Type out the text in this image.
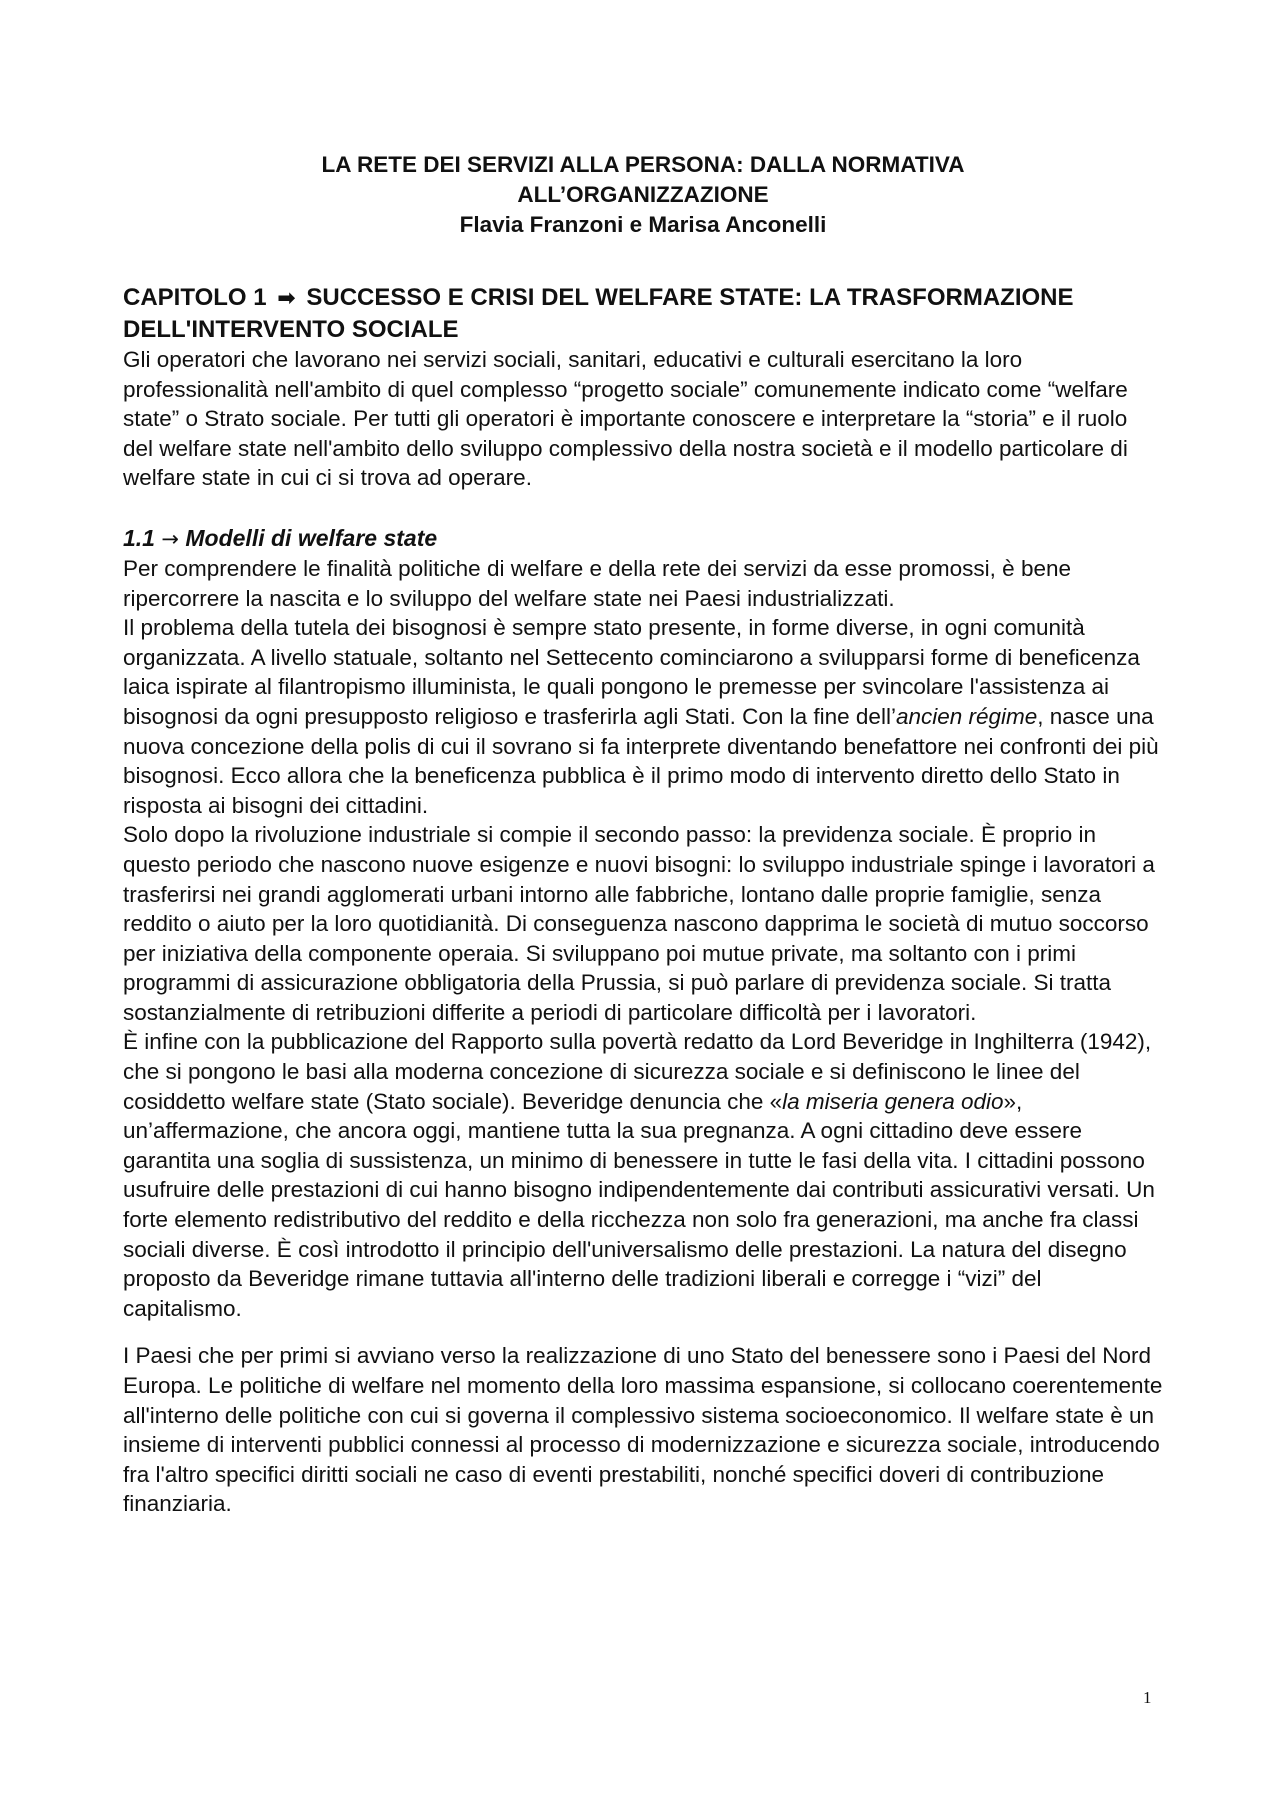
LA RETE DEI SERVIZI ALLA PERSONA: DALLA NORMATIVA
ALL’ORGANIZZAZIONE
Flavia Franzoni e Marisa Anconelli
CAPITOLO 1 ➡ SUCCESSO E CRISI DEL WELFARE STATE: LA TRASFORMAZIONE
DELL'INTERVENTO SOCIALE

Gli operatori che lavorano nei servizi sociali, sanitari, educativi e culturali esercitano la loro professionalità nell'ambito di quel complesso “progetto sociale” comunemente indicato come “welfare state” o Strato sociale. Per tutti gli operatori è importante conoscere e interpretare la “storia” e il ruolo del welfare state nell'ambito dello sviluppo complessivo della nostra società e il modello particolare di welfare state in cui ci si trova ad operare.

1.1 → Modelli di welfare state

Per comprendere le finalità politiche di welfare e della rete dei servizi da esse promossi, è bene ripercorrere la nascita e lo sviluppo del welfare state nei Paesi industrializzati.

Il problema della tutela dei bisognosi è sempre stato presente, in forme diverse, in ogni comunità organizzata. A livello statuale, soltanto nel Settecento cominciarono a svilupparsi forme di beneficenza laica ispirate al filantropismo illuminista, le quali pongono le premesse per svincolare l'assistenza ai bisognosi da ogni presupposto religioso e trasferirla agli Stati. Con la fine dell’ancien régime, nasce una nuova concezione della polis di cui il sovrano si fa interprete diventando benefattore nei confronti dei più bisognosi. Ecco allora che la beneficenza pubblica è il primo modo di intervento diretto dello Stato in risposta ai bisogni dei cittadini.

Solo dopo la rivoluzione industriale si compie il secondo passo: la previdenza sociale. È proprio in questo periodo che nascono nuove esigenze e nuovi bisogni: lo sviluppo industriale spinge i lavoratori a trasferirsi nei grandi agglomerati urbani intorno alle fabbriche, lontano dalle proprie famiglie, senza reddito o aiuto per la loro quotidianità. Di conseguenza nascono dapprima le società di mutuo soccorso per iniziativa della componente operaia. Si sviluppano poi mutue private, ma soltanto con i primi programmi di assicurazione obbligatoria della Prussia, si può parlare di previdenza sociale. Si tratta sostanzialmente di retribuzioni differite a periodi di particolare difficoltà per i lavoratori.

È infine con la pubblicazione del Rapporto sulla povertà redatto da Lord Beveridge in Inghilterra (1942), che si pongono le basi alla moderna concezione di sicurezza sociale e si definiscono le linee del cosiddetto welfare state (Stato sociale). Beveridge denuncia che «la miseria genera odio», un’affermazione, che ancora oggi, mantiene tutta la sua pregnanza. A ogni cittadino deve essere garantita una soglia di sussistenza, un minimo di benessere in tutte le fasi della vita. I cittadini possono usufruire delle prestazioni di cui hanno bisogno indipendentemente dai contributi assicurativi versati. Un forte elemento redistributivo del reddito e della ricchezza non solo fra generazioni, ma anche fra classi sociali diverse. È così introdotto il principio dell'universalismo delle prestazioni. La natura del disegno proposto da Beveridge rimane tuttavia all'interno delle tradizioni liberali e corregge i “vizi” del capitalismo.

I Paesi che per primi si avviano verso la realizzazione di uno Stato del benessere sono i Paesi del Nord Europa. Le politiche di welfare nel momento della loro massima espansione, si collocano coerentemente all'interno delle politiche con cui si governa il complessivo sistema socioeconomico. Il welfare state è un insieme di interventi pubblici connessi al processo di modernizzazione e sicurezza sociale, introducendo fra l'altro specifici diritti sociali ne caso di eventi prestabiliti, nonché specifici doveri di contribuzione finanziaria.

1
